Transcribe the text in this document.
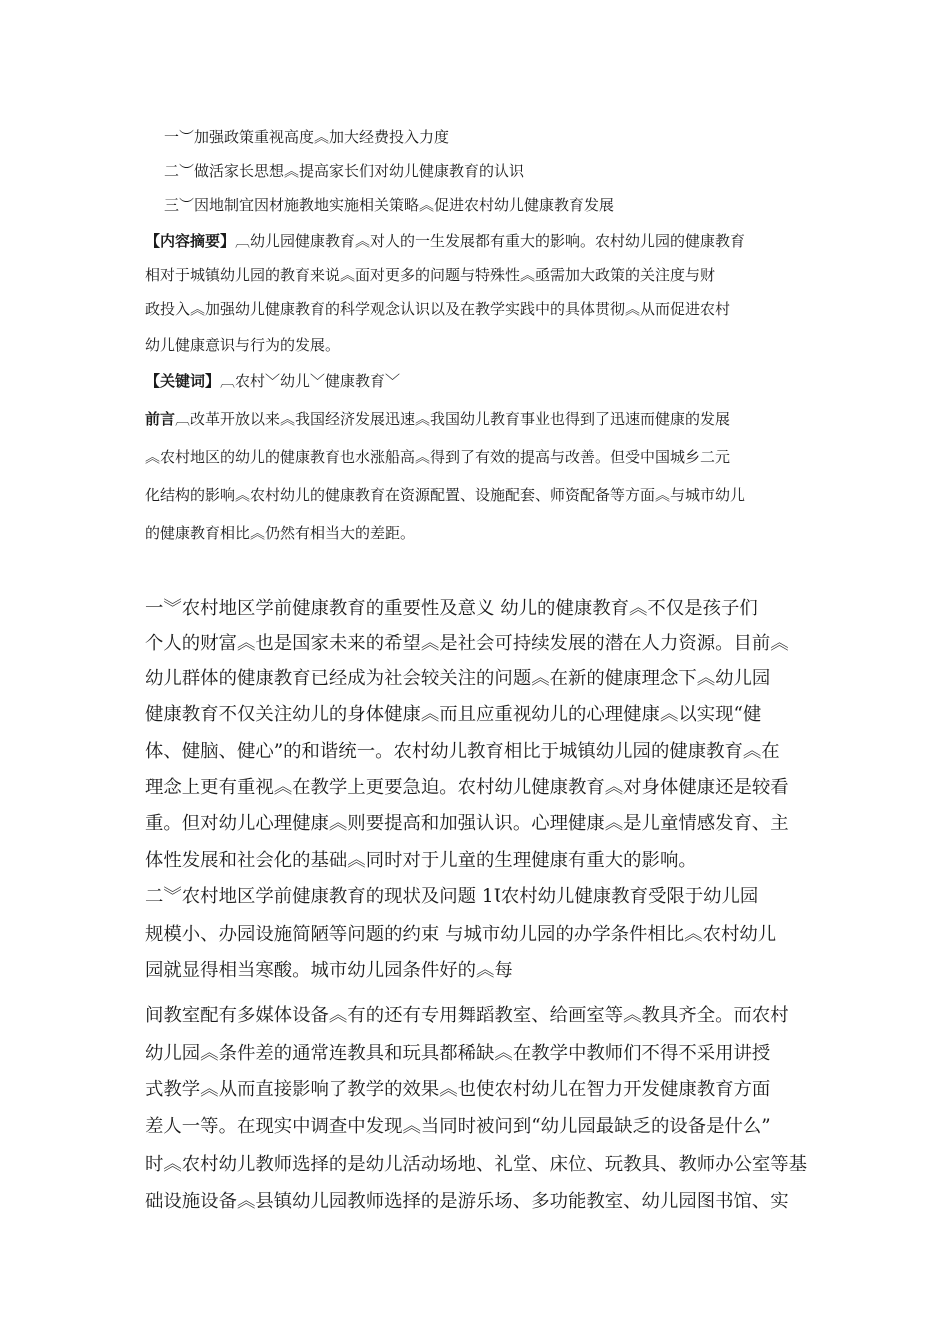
一︶加强政策重视高度︽加大经费投入力度

二︶做活家长思想︽提高家长们对幼儿健康教育的认识

三︶因地制宜因材施教地实施相关策略︽促进农村幼儿健康教育发展

【内容摘要】︹幼儿园健康教育︽对人的一生发展都有重大的影响。农村幼儿园的健康教育

相对于城镇幼儿园的教育来说︽面对更多的问题与特殊性︽亟需加大政策的关注度与财

政投入︽加强幼儿健康教育的科学观念认识以及在教学实践中的具体贯彻︽从而促进农村

幼儿健康意识与行为的发展。

【关键词】︹农村﹀幼儿﹀健康教育﹀

前言︹改革开放以来︽我国经济发展迅速︽我国幼儿教育事业也得到了迅速而健康的发展

︽农村地区的幼儿的健康教育也水涨船高︽得到了有效的提高与改善。但受中国城乡二元

化结构的影响︽农村幼儿的健康教育在资源配置、设施配套、师资配备等方面︽与城市幼儿

的健康教育相比︽仍然有相当大的差距。

一︾农村地区学前健康教育的重要性及意义 幼儿的健康教育︽不仅是孩子们

个人的财富︽也是国家未来的希望︽是社会可持续发展的潜在人力资源。目前︽

幼儿群体的健康教育已经成为社会较关注的问题︽在新的健康理念下︽幼儿园

健康教育不仅关注幼儿的身体健康︽而且应重视幼儿的心理健康︽以实现“健

体、健脑、健心”的和谐统一。农村幼儿教育相比于城镇幼儿园的健康教育︽在

理念上更有重视︽在教学上更要急迫。农村幼儿健康教育︽对身体健康还是较看

重。但对幼儿心理健康︽则要提高和加强认识。心理健康︽是儿童情感发育、主

体性发展和社会化的基础︽同时对于儿童的生理健康有重大的影响。

二︾农村地区学前健康教育的现状及问题 1Ɩ农村幼儿健康教育受限于幼儿园

规模小、办园设施简陋等问题的约束 与城市幼儿园的办学条件相比︽农村幼儿

园就显得相当寒酸。城市幼儿园条件好的︽每

间教室配有多媒体设备︽有的还有专用舞蹈教室、给画室等︽教具齐全。而农村

幼儿园︽条件差的通常连教具和玩具都稀缺︽在教学中教师们不得不采用讲授

式教学︽从而直接影响了教学的效果︽也使农村幼儿在智力开发健康教育方面

差人一等。在现实中调查中发现︽当同时被问到“幼儿园最缺乏的设备是什么”

时︽农村幼儿教师选择的是幼儿活动场地、礼堂、床位、玩教具、教师办公室等基

础设施设备︽县镇幼儿园教师选择的是游乐场、多功能教室、幼儿园图书馆、实
